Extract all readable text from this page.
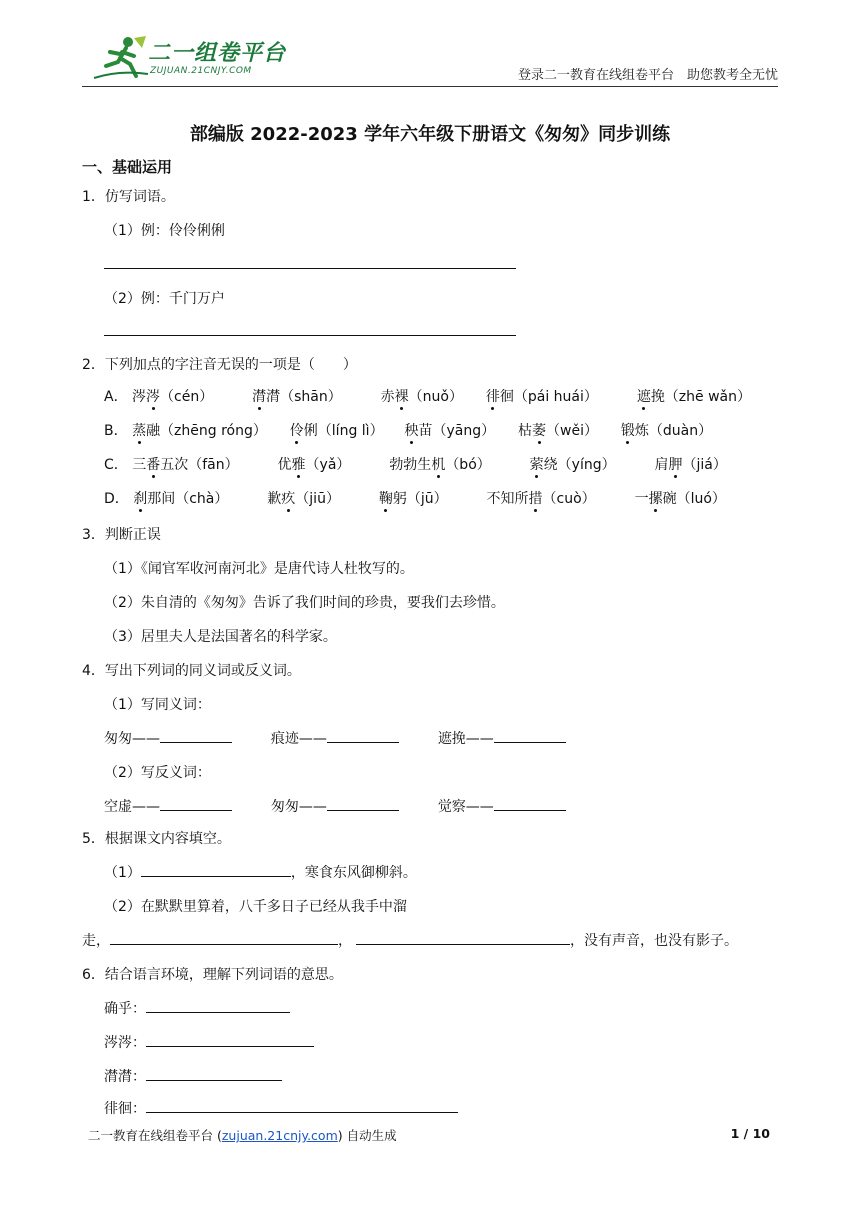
二一组卷平台
ZUJUAN.21CNJY.COM	登录二一教育在线组卷平台　助您教考全无忧
部编版 2022-2023 学年六年级下册语文《匆匆》同步训练
一、基础运用
1．仿写词语。
（1）例：伶伶俐俐
（2）例：千门万户
2．下列加点的字注音无误的一项是（　　）
A． 涔涔（cén）	潸潸（shān）	赤裸（nuǒ） 徘徊（pái huái）	遮挽（zhē wǎn）
B． 蒸融（zhēng róng） 伶俐（líng lì） 秧苗（yāng） 枯萎（wěi） 锻炼（duàn）
C． 三番五次（fān）	优雅（yǎ）	勃勃生机（bó）	萦绕（yíng）	肩胛（jiá）
D． 刹那间（chà）	歉疚（jiū）	鞠躬（jū）	不知所措（cuò）	一摞碗（luó）
3．判断正误
（1）《闻官军收河南河北》是唐代诗人杜牧写的。
（2）朱自清的《匆匆》告诉了我们时间的珍贵，要我们去珍惜。
（3）居里夫人是法国著名的科学家。
4．写出下列词的同义词或反义词。
（1）写同义词：
匆匆——	痕迹——	遮挽——
（2）写反义词：
空虚——	匆匆——	觉察——
5．根据课文内容填空。
（1）	，寒食东风御柳斜。
（2）在默默里算着，八千多日子已经从我手中溜
走，	，	，没有声音，也没有影子。
6．结合语言环境，理解下列词语的意思。
确乎：
涔涔：
潸潸：
徘徊：
二一教育在线组卷平台 (zujuan.21cnjy.com) 自动生成	1 / 10
